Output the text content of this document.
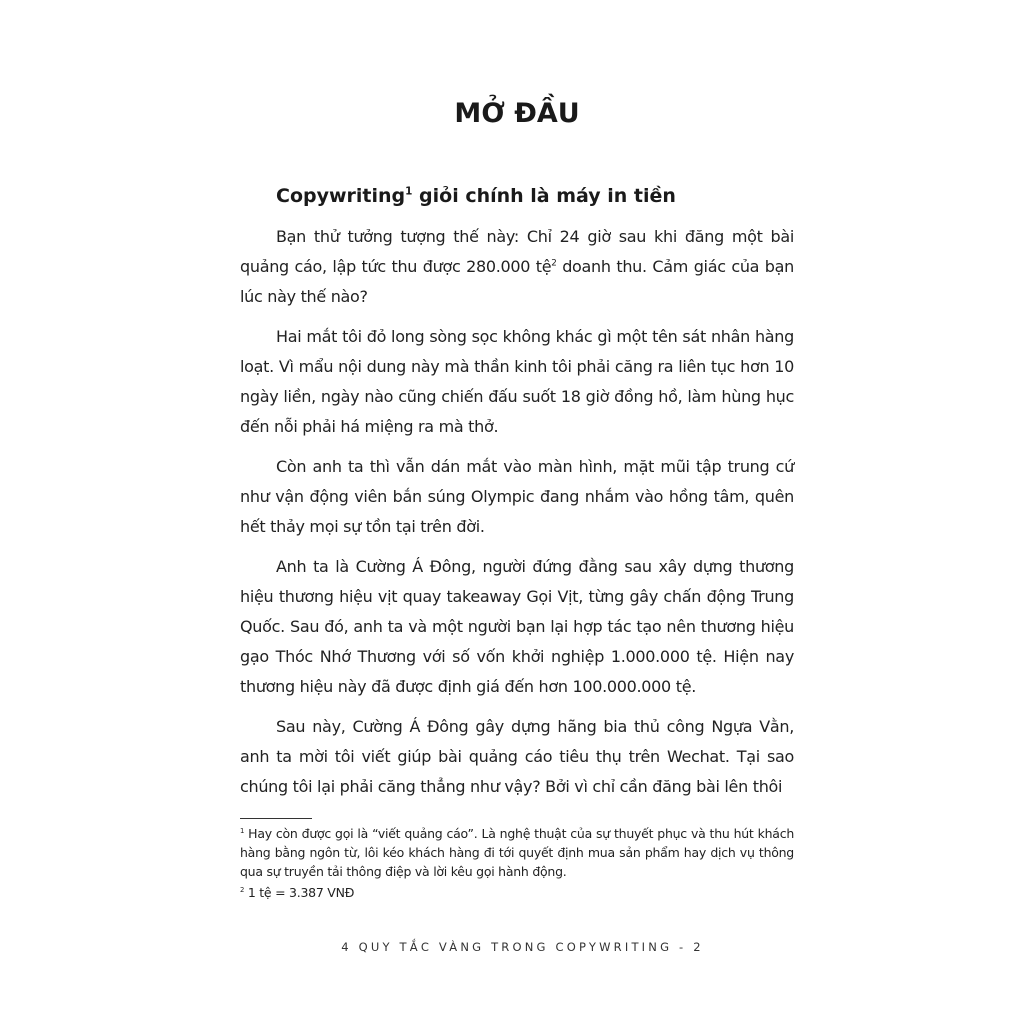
MỞ ĐẦU
Copywriting$^1$ giỏi chính là máy in tiền

Bạn thử tưởng tượng thế này: Chỉ 24 giờ sau khi đăng một bài quảng cáo, lập tức thu được 280.000 tệ$^2$ doanh thu. Cảm giác của bạn lúc này thế nào?

Hai mắt tôi đỏ long sòng sọc không khác gì một tên sát nhân hàng loạt. Vì mẩu nội dung này mà thần kinh tôi phải căng ra liên tục hơn 10 ngày liền, ngày nào cũng chiến đấu suốt 18 giờ đồng hồ, làm hùng hục đến nỗi phải há miệng ra mà thở.

Còn anh ta thì vẫn dán mắt vào màn hình, mặt mũi tập trung cứ như vận động viên bắn súng Olympic đang nhắm vào hồng tâm, quên hết thảy mọi sự tồn tại trên đời.

Anh ta là Cường Á Đông, người đứng đằng sau xây dựng thương hiệu thương hiệu vịt quay takeaway Gọi Vịt, từng gây chấn động Trung Quốc. Sau đó, anh ta và một người bạn lại hợp tác tạo nên thương hiệu gạo Thóc Nhớ Thương với số vốn khởi nghiệp 1.000.000 tệ. Hiện nay thương hiệu này đã được định giá đến hơn 100.000.000 tệ.

Sau này, Cường Á Đông gây dựng hãng bia thủ công Ngựa Vằn, anh ta mời tôi viết giúp bài quảng cáo tiêu thụ trên Wechat. Tại sao chúng tôi lại phải căng thẳng như vậy? Bởi vì chỉ cần đăng bài lên thôi

$^1$ Hay còn được gọi là “viết quảng cáo”. Là nghệ thuật của sự thuyết phục và thu hút khách hàng bằng ngôn từ, lôi kéo khách hàng đi tới quyết định mua sản phẩm hay dịch vụ thông qua sự truyền tải thông điệp và lời kêu gọi hành động.

$^2$ 1 tệ = 3.387 VNĐ

4 QUY TẮC VÀNG TRONG COPYWRITING - 2
